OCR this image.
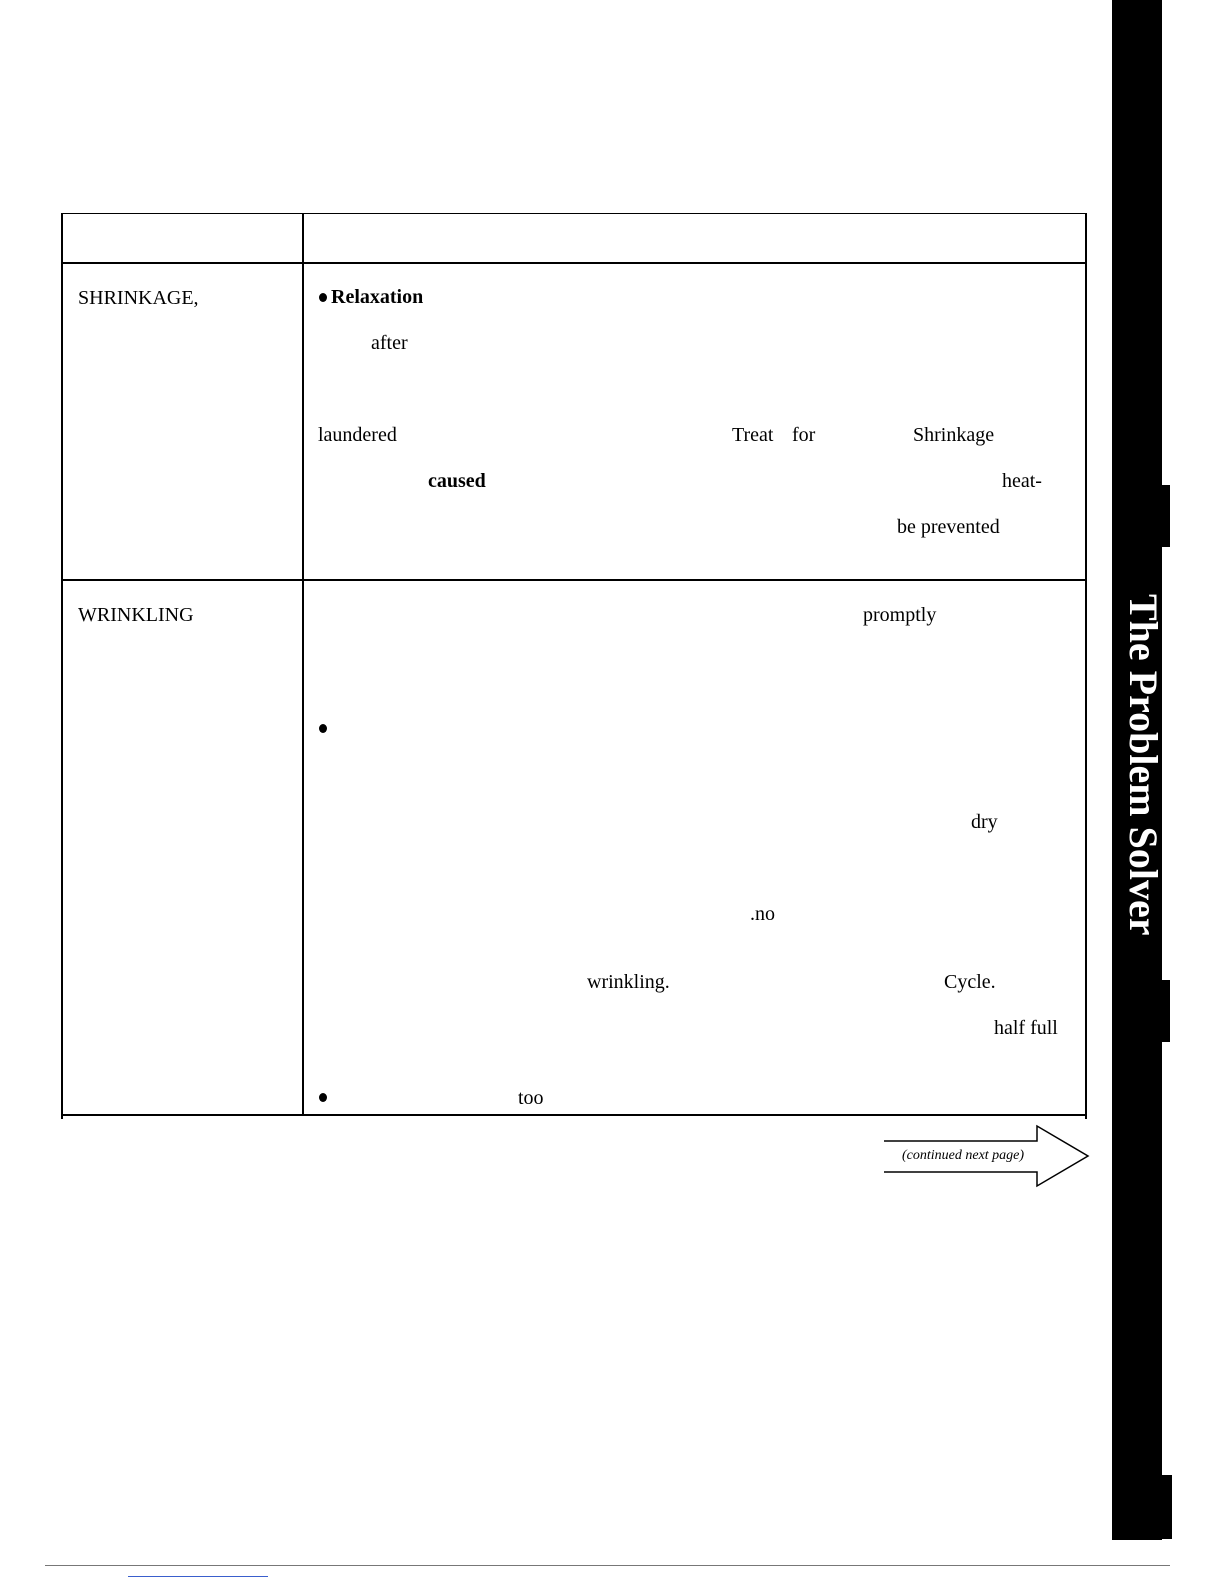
The Problem Solver
SHRINKAGE,	Relaxation
after
laundered	Treat for	Shrinkage
caused	heat-
be prevented
WRINKLING	promptly
dry
.no
wrinkling.	Cycle.
half full
too
(continued next page)
